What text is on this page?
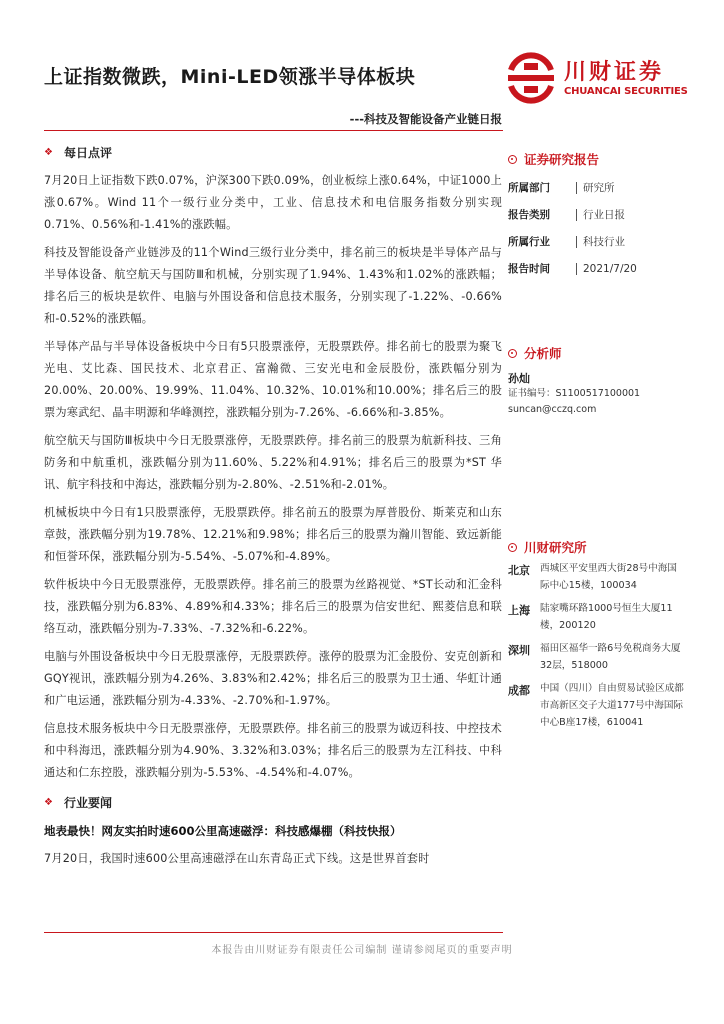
上证指数微跌，Mini-LED领涨半导体板块	川财证券
CHUANCAI SECURITIES
---科技及智能设备产业链日报
❖ 每日点评

7月20日上证指数下跌0.07%，沪深300下跌0.09%，创业板综上涨0.64%，中证1000上涨0.67%。Wind 11个一级行业分类中，工业、信息技术和电信服务指数分别实现0.71%、0.56%和-1.41%的涨跌幅。

科技及智能设备产业链涉及的11个Wind三级行业分类中，排名前三的板块是半导体产品与半导体设备、航空航天与国防Ⅲ和机械，分别实现了1.94%、1.43%和1.02%的涨跌幅；排名后三的板块是软件、电脑与外围设备和信息技术服务，分别实现了-1.22%、-0.66%和-0.52%的涨跌幅。

半导体产品与半导体设备板块中今日有5只股票涨停，无股票跌停。排名前七的股票为聚飞光电、艾比森、国民技术、北京君正、富瀚微、三安光电和金辰股份，涨跌幅分别为20.00%、20.00%、19.99%、11.04%、10.32%、10.01%和10.00%；排名后三的股票为寒武纪、晶丰明源和华峰测控，涨跌幅分别为-7.26%、-6.66%和-3.85%。

航空航天与国防Ⅲ板块中今日无股票涨停，无股票跌停。排名前三的股票为航新科技、三角防务和中航重机，涨跌幅分别为11.60%、5.22%和4.91%；排名后三的股票为*ST 华讯、航宇科技和中海达，涨跌幅分别为-2.80%、-2.51%和-2.01%。

机械板块中今日有1只股票涨停，无股票跌停。排名前五的股票为厚普股份、斯莱克和山东章鼓，涨跌幅分别为19.78%、12.21%和9.98%；排名后三的股票为瀚川智能、致远新能和恒誉环保，涨跌幅分别为-5.54%、-5.07%和-4.89%。

软件板块中今日无股票涨停，无股票跌停。排名前三的股票为丝路视觉、*ST长动和汇金科技，涨跌幅分别为6.83%、4.89%和4.33%；排名后三的股票为信安世纪、熙菱信息和联络互动，涨跌幅分别为-7.33%、-7.32%和-6.22%。

电脑与外围设备板块中今日无股票涨停，无股票跌停。涨停的股票为汇金股份、安克创新和GQY视讯，涨跌幅分别为4.26%、3.83%和2.42%；排名后三的股票为卫士通、华虹计通和广电运通，涨跌幅分别为-4.33%、-2.70%和-1.97%。

信息技术服务板块中今日无股票涨停，无股票跌停。排名前三的股票为诚迈科技、中控技术和中科海迅，涨跌幅分别为4.90%、3.32%和3.03%；排名后三的股票为左江科技、中科通达和仁东控股，涨跌幅分别为-5.53%、-4.54%和-4.07%。

❖ 行业要闻
地表最快！网友实拍时速600公里高速磁浮：科技感爆棚（科技快报）

7月20日，我国时速600公里高速磁浮在山东青岛正式下线。这是世界首套时

证券研究报告
所属部门	研究所
报告类别	行业日报
所属行业	科技行业
报告时间	2021/7/20
分析师
孙灿
证书编号：S1100517100001
suncan@cczq.com
川财研究所
北京	西城区平安里西大街28号中海国际中心15楼，100034
上海	陆家嘴环路1000号恒生大厦11楼，200120
深圳	福田区福华一路6号免税商务大厦32层，518000
成都	中国（四川）自由贸易试验区成都市高新区交子大道177号中海国际中心B座17楼，610041
本报告由川财证券有限责任公司编制 谨请参阅尾页的重要声明
